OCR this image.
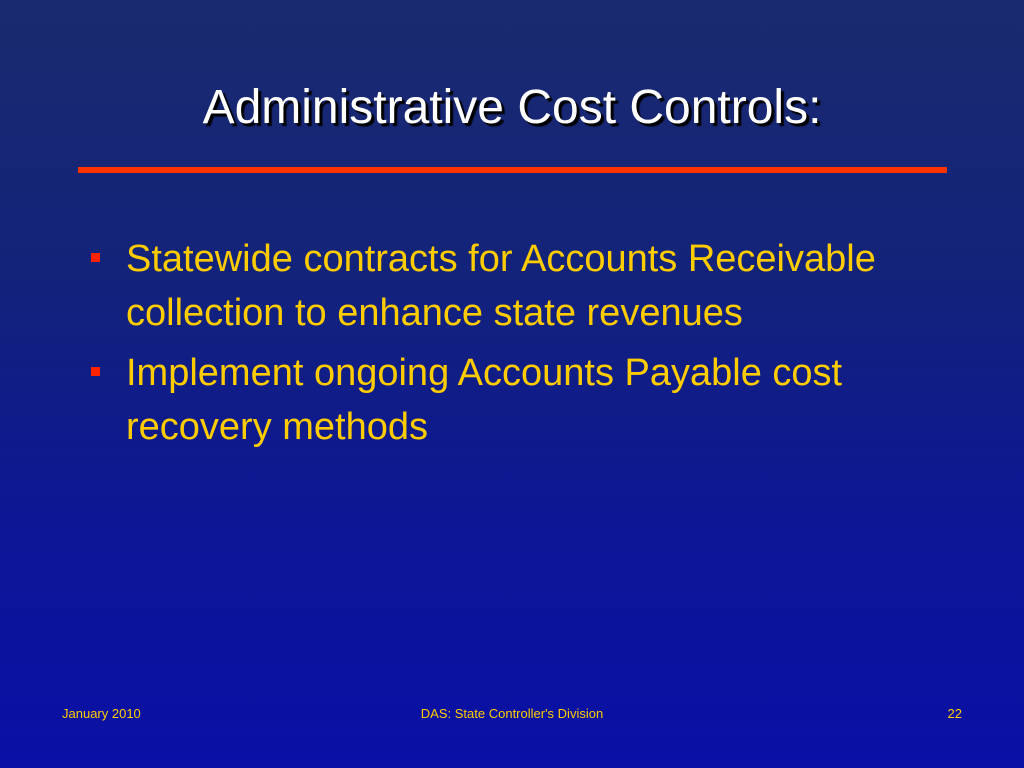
Administrative Cost Controls:
Statewide contracts for Accounts Receivable collection to enhance state revenues
Implement ongoing Accounts Payable cost recovery methods
January 2010	DAS: State Controller's Division	22
